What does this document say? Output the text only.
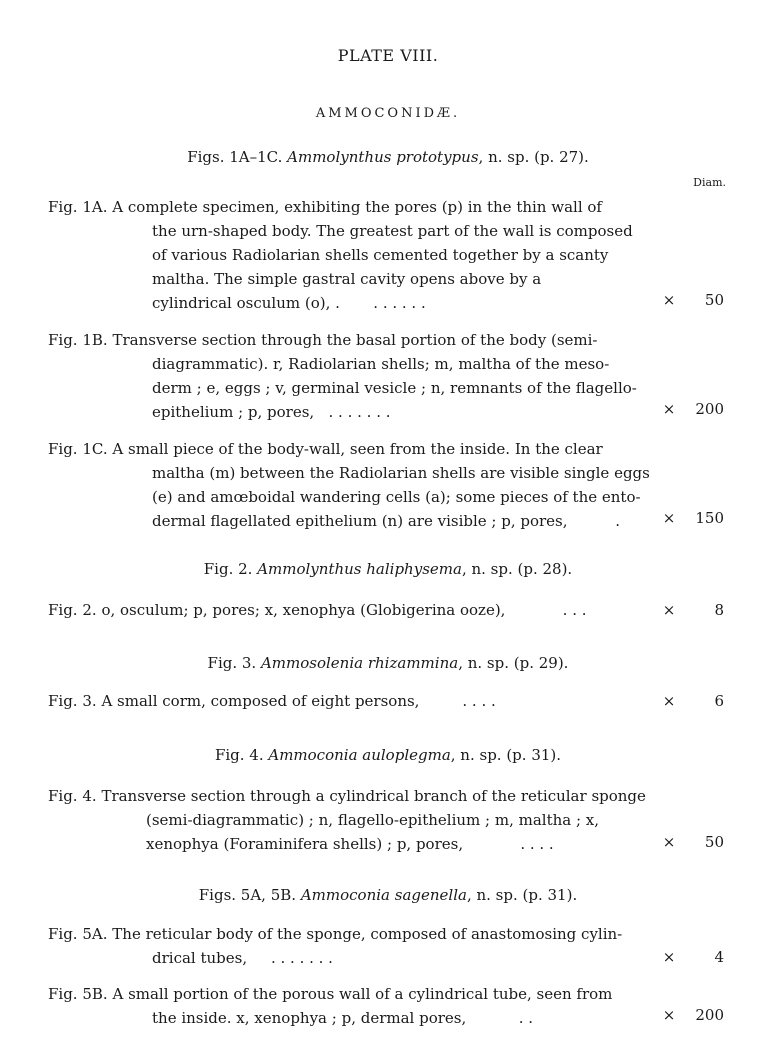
PLATE VIII.
AMMOCONIDÆ.
Diam.
Figs. 1A–1C. Ammolynthus prototypus, n. sp. (p. 27).
Fig. 1A. A complete specimen, exhibiting the pores (p) in the thin wall of
the urn-shaped body. The greatest part of the wall is composed
of various Radiolarian shells cemented together by a scanty
maltha. The simple gastral cavity opens above by a
cylindrical osculum (o), . . . . . . .	×	50
Fig. 1B. Transverse section through the basal portion of the body (semi-
diagrammatic). r, Radiolarian shells; m, maltha of the meso-
derm ; e, eggs ; v, germinal vesicle ; n, remnants of the flagello-
epithelium ; p, pores, . . . . . . .	×	200
Fig. 1C. A small piece of the body-wall, seen from the inside. In the clear
maltha (m) between the Radiolarian shells are visible single eggs
(e) and amœboidal wandering cells (a); some pieces of the ento-
dermal flagellated epithelium (n) are visible ; p, pores,	.	×	150
Fig. 2. Ammolynthus haliphysema, n. sp. (p. 28).
Fig. 2. o, osculum; p, pores; x, xenophya (Globigerina ooze),	. . .	×	8
Fig. 3. Ammosolenia rhizammina, n. sp. (p. 29).
Fig. 3. A small corm, composed of eight persons,	. . . .	×	6
Fig. 4. Ammoconia auloplegma, n. sp. (p. 31).
Fig. 4. Transverse section through a cylindrical branch of the reticular sponge
(semi-diagrammatic) ; n, flagello-epithelium ; m, maltha ; x,
xenophya (Foraminifera shells) ; p, pores,	. . . .	×	50
Figs. 5A, 5B. Ammoconia sagenella, n. sp. (p. 31).
Fig. 5A. The reticular body of the sponge, composed of anastomosing cylin-
drical tubes, . . . . . . .	×	4
Fig. 5B. A small portion of the porous wall of a cylindrical tube, seen from
the inside. x, xenophya ; p, dermal pores,	. .	×	200
